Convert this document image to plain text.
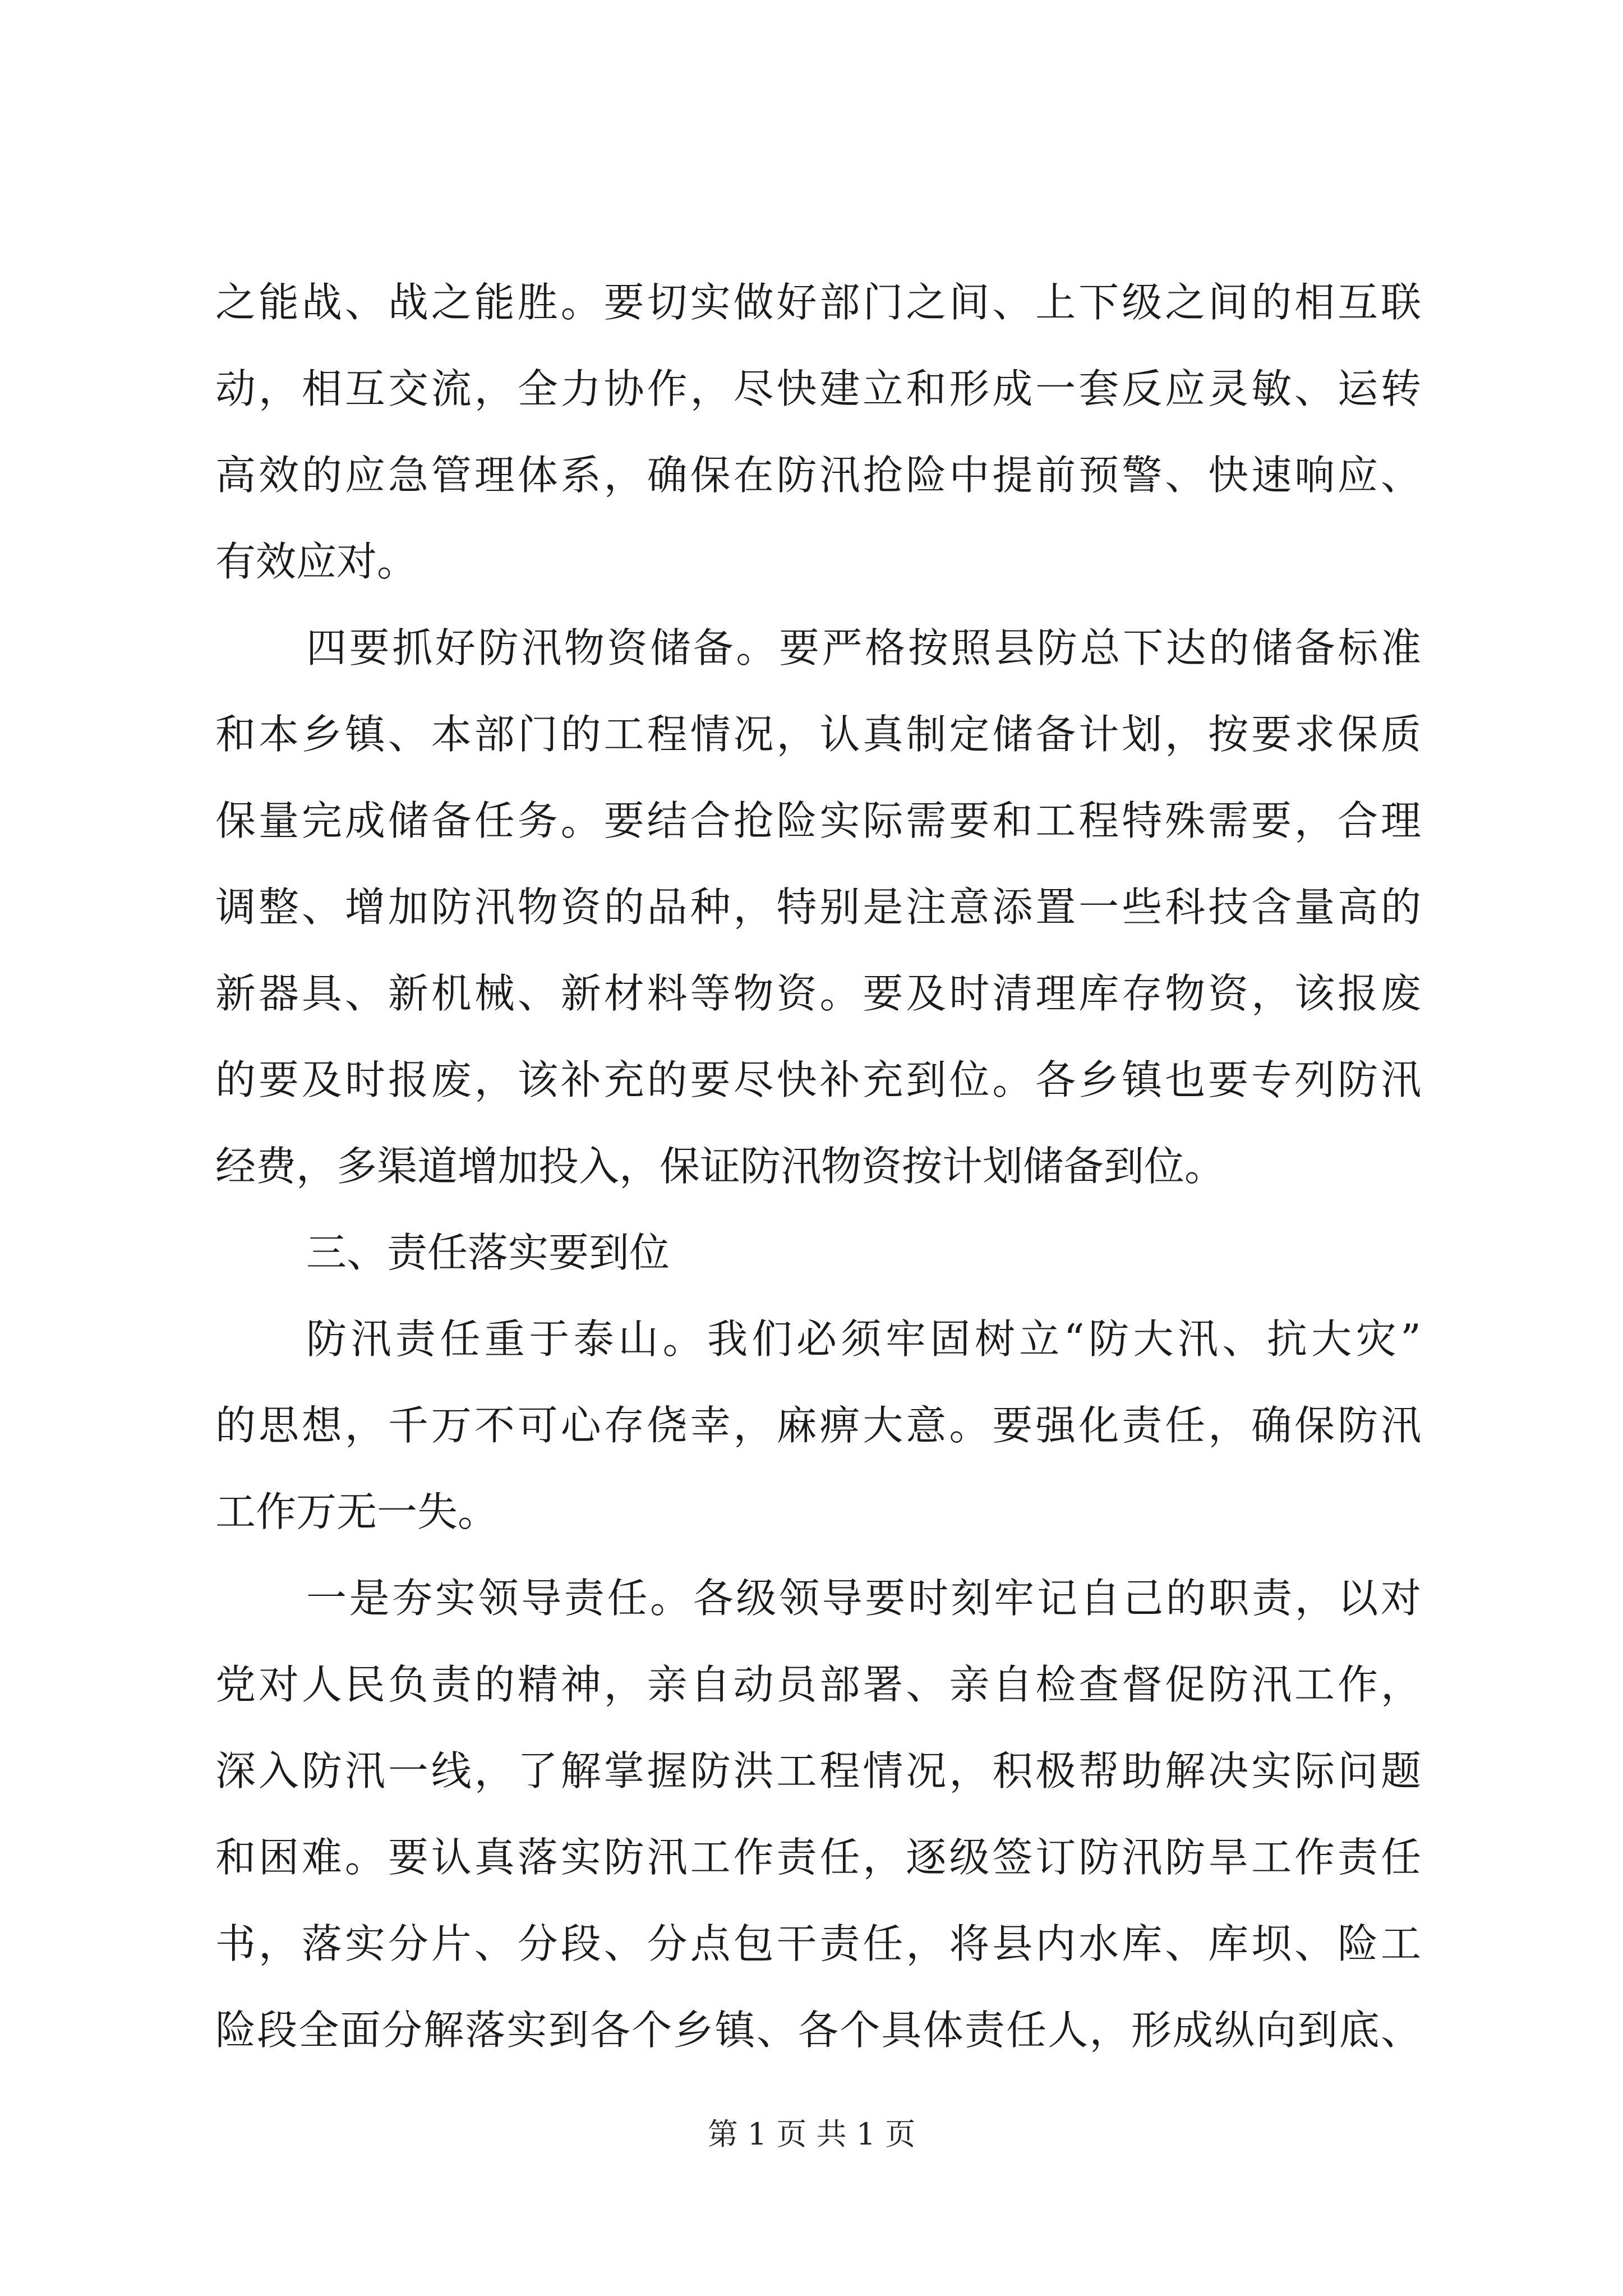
之能战、战之能胜。要切实做好部门之间、上下级之间的相互联
动，相互交流，全力协作，尽快建立和形成一套反应灵敏、运转
高效的应急管理体系，确保在防汛抢险中提前预警、快速响应、
有效应对。
四要抓好防汛物资储备。要严格按照县防总下达的储备标准
和本乡镇、本部门的工程情况，认真制定储备计划，按要求保质
保量完成储备任务。要结合抢险实际需要和工程特殊需要，合理
调整、增加防汛物资的品种，特别是注意添置一些科技含量高的
新器具、新机械、新材料等物资。要及时清理库存物资，该报废
的要及时报废，该补充的要尽快补充到位。各乡镇也要专列防汛
经费，多渠道增加投入，保证防汛物资按计划储备到位。
三、责任落实要到位
防汛责任重于泰山。我们必须牢固树立“防大汛、抗大灾”
的思想，千万不可心存侥幸，麻痹大意。要强化责任，确保防汛
工作万无一失。
一是夯实领导责任。各级领导要时刻牢记自己的职责，以对
党对人民负责的精神，亲自动员部署、亲自检查督促防汛工作，
深入防汛一线，了解掌握防洪工程情况，积极帮助解决实际问题
和困难。要认真落实防汛工作责任，逐级签订防汛防旱工作责任
书，落实分片、分段、分点包干责任，将县内水库、库坝、险工
险段全面分解落实到各个乡镇、各个具体责任人，形成纵向到底、
第 1 页 共 1 页
